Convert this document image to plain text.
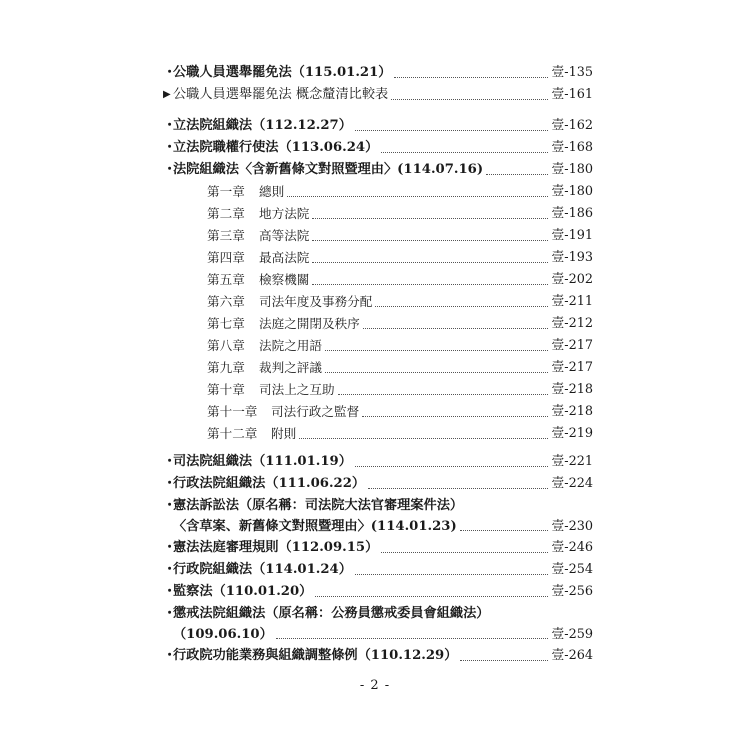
・
公職人員選舉罷免法（115.01.21）	壹-135
▶ 公職人員選舉罷免法 概念釐清比較表	壹-161
・
立法院組織法（112.12.27）	壹-162
・
立法院職權行使法（113.06.24）	壹-168
・
法院組織法〈含新舊條文對照暨理由〉(114.07.16)	壹-180
第一章	總則	壹-180
第二章	地方法院	壹-186
第三章	高等法院	壹-191
第四章	最高法院	壹-193
第五章	檢察機關	壹-202
第六章	司法年度及事務分配	壹-211
第七章	法庭之開閉及秩序	壹-212
第八章	法院之用語	壹-217
第九章	裁判之評議	壹-217
第十章	司法上之互助	壹-218
第十一章	司法行政之監督	壹-218
第十二章	附則	壹-219
・
司法院組織法（111.01.19）	壹-221
・
行政法院組織法（111.06.22）	壹-224
・
憲法訴訟法（原名稱：司法院大法官審理案件法）
〈含草案、新舊條文對照暨理由〉(114.01.23)	壹-230
・
憲法法庭審理規則（112.09.15）	壹-246
・
行政院組織法（114.01.24）	壹-254
・
監察法（110.01.20）	壹-256
・
懲戒法院組織法（原名稱：公務員懲戒委員會組織法）
（109.06.10）	壹-259
・
行政院功能業務與組織調整條例（110.12.29）	壹-264
- 2 -
